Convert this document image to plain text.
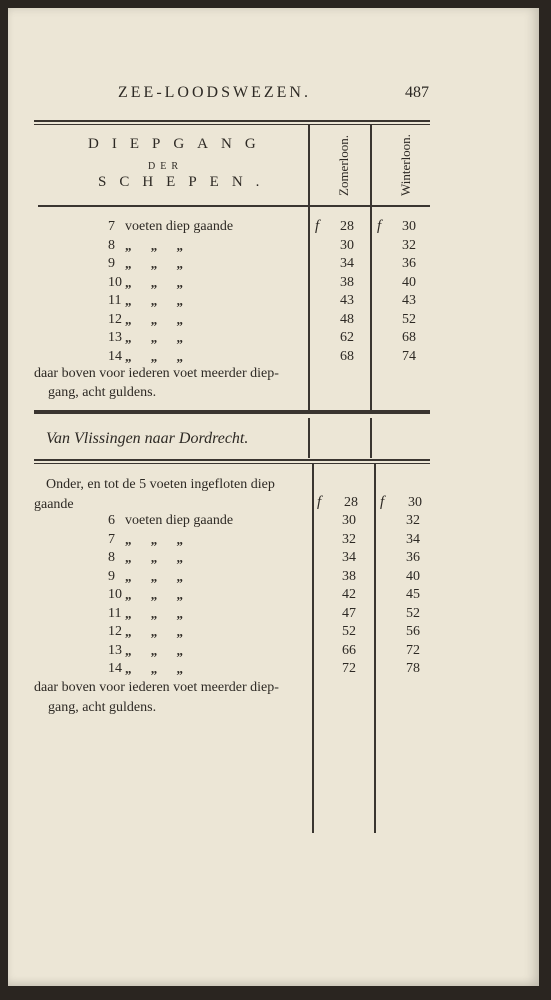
ZEE-LOODSWEZEN.	487
DIEPGANG
DER
SCHEPEN.	Zomerloon.	Winterloon.
7 voeten diep gaande	28	30
8 „ „ „	30	32
9 „ „ „	34	36
10 „ „ „	38	40
11 „ „ „	43	43
12 „ „ „	48	52
13 „ „ „	62	68
14 „ „ „	68	74
f	f
daar boven voor iederen voet meerder diep-
gang, acht guldens.
Van Vlissingen naar Dordrecht.
Onder, en tot de 5 voeten ingefloten diep
gaande	f 28 f 30
6 voeten diep gaande	30	32
7 „ „ „	32	34
8 „ „ „	34	36
9 „ „ „	38	40
10 „ „ „	42	45
11 „ „ „	47	52
12 „ „ „	52	56
13 „ „ „	66	72
14 „ „ „	72	78
daar boven voor iederen voet meerder diep-
gang, acht guldens.
